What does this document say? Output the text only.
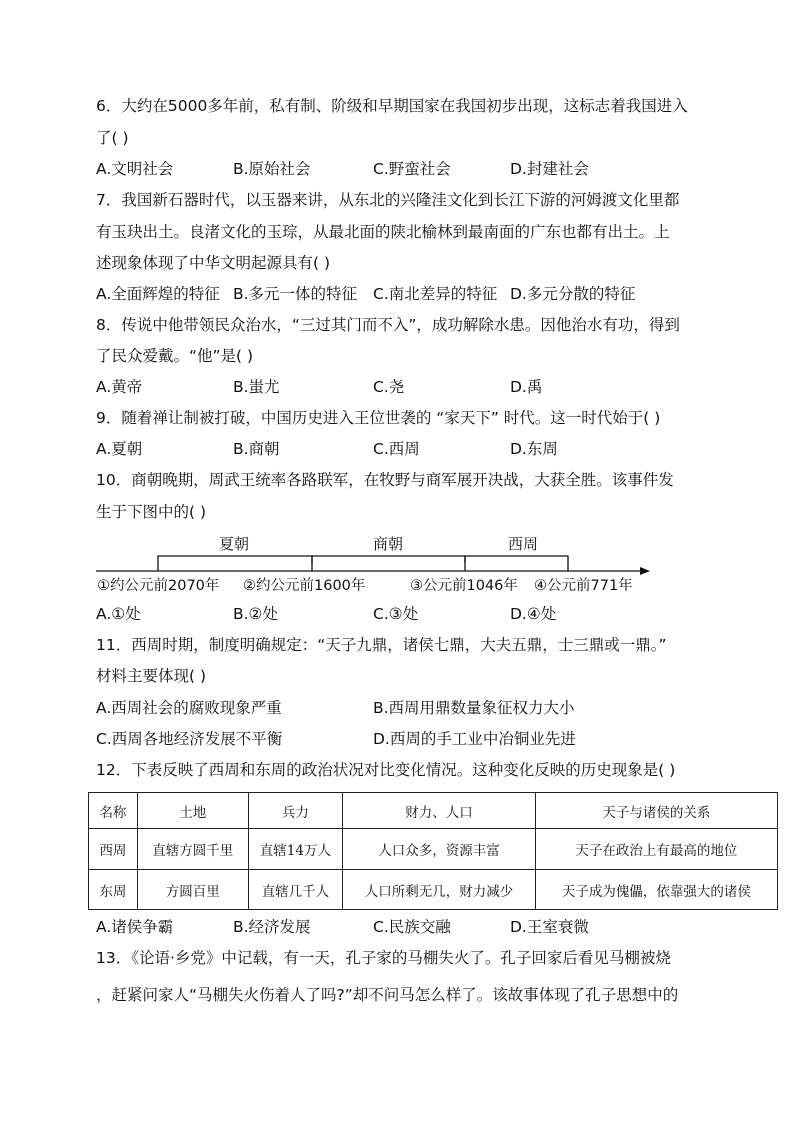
6．大约在5000多年前，私有制、阶级和早期国家在我国初步出现，这标志着我国进入
了( )
A.文明社会	B.原始社会	C.野蛮社会	D.封建社会
7．我国新石器时代，以玉器来讲，从东北的兴隆洼文化到长江下游的河姆渡文化里都
有玉玦出土。良渚文化的玉琮，从最北面的陕北榆林到最南面的广东也都有出土。上
述现象体现了中华文明起源具有( )
A.全面辉煌的特征 B.多元一体的特征 C.南北差异的特征 D.多元分散的特征
8．传说中他带领民众治水，“三过其门而不入”，成功解除水患。因他治水有功，得到
了民众爱戴。“他”是( )
A.黄帝	B.蚩尤	C.尧	D.禹
9．随着禅让制被打破，中国历史进入王位世袭的 “家天下” 时代。这一时代始于( )
A.夏朝	B.商朝	C.西周	D.东周
10．商朝晚期，周武王统率各路联军，在牧野与商军展开决战，大获全胜。该事件发
生于下图中的( )
夏朝	商朝	西周
①约公元前2070年 ②约公元前1600年	③公元前1046年 ④公元前771年
A.①处	B.②处	C.③处	D.④处
11．西周时期，制度明确规定：“天子九鼎，诸侯七鼎，大夫五鼎，士三鼎或一鼎。”
材料主要体现( )
A.西周社会的腐败现象严重	B.西周用鼎数量象征权力大小
C.西周各地经济发展不平衡	D.西周的手工业中冶铜业先进
12．下表反映了西周和东周的政治状况对比变化情况。这种变化反映的历史现象是( )
名称	土地	兵力	财力、人口	天子与诸侯的关系
西周	直辖方圆千里	直辖14万人	人口众多，资源丰富	天子在政治上有最高的地位
东周	方圆百里	直辖几千人	人口所剩无几，财力减少	天子成为傀儡，依靠强大的诸侯
A.诸侯争霸	B.经济发展	C.民族交融	D.王室衰微
13．《论语·乡党》中记载，有一天，孔子家的马棚失火了。孔子回家后看见马棚被烧
，赶紧问家人“马棚失火伤着人了吗?”却不问马怎么样了。该故事体现了孔子思想中的
